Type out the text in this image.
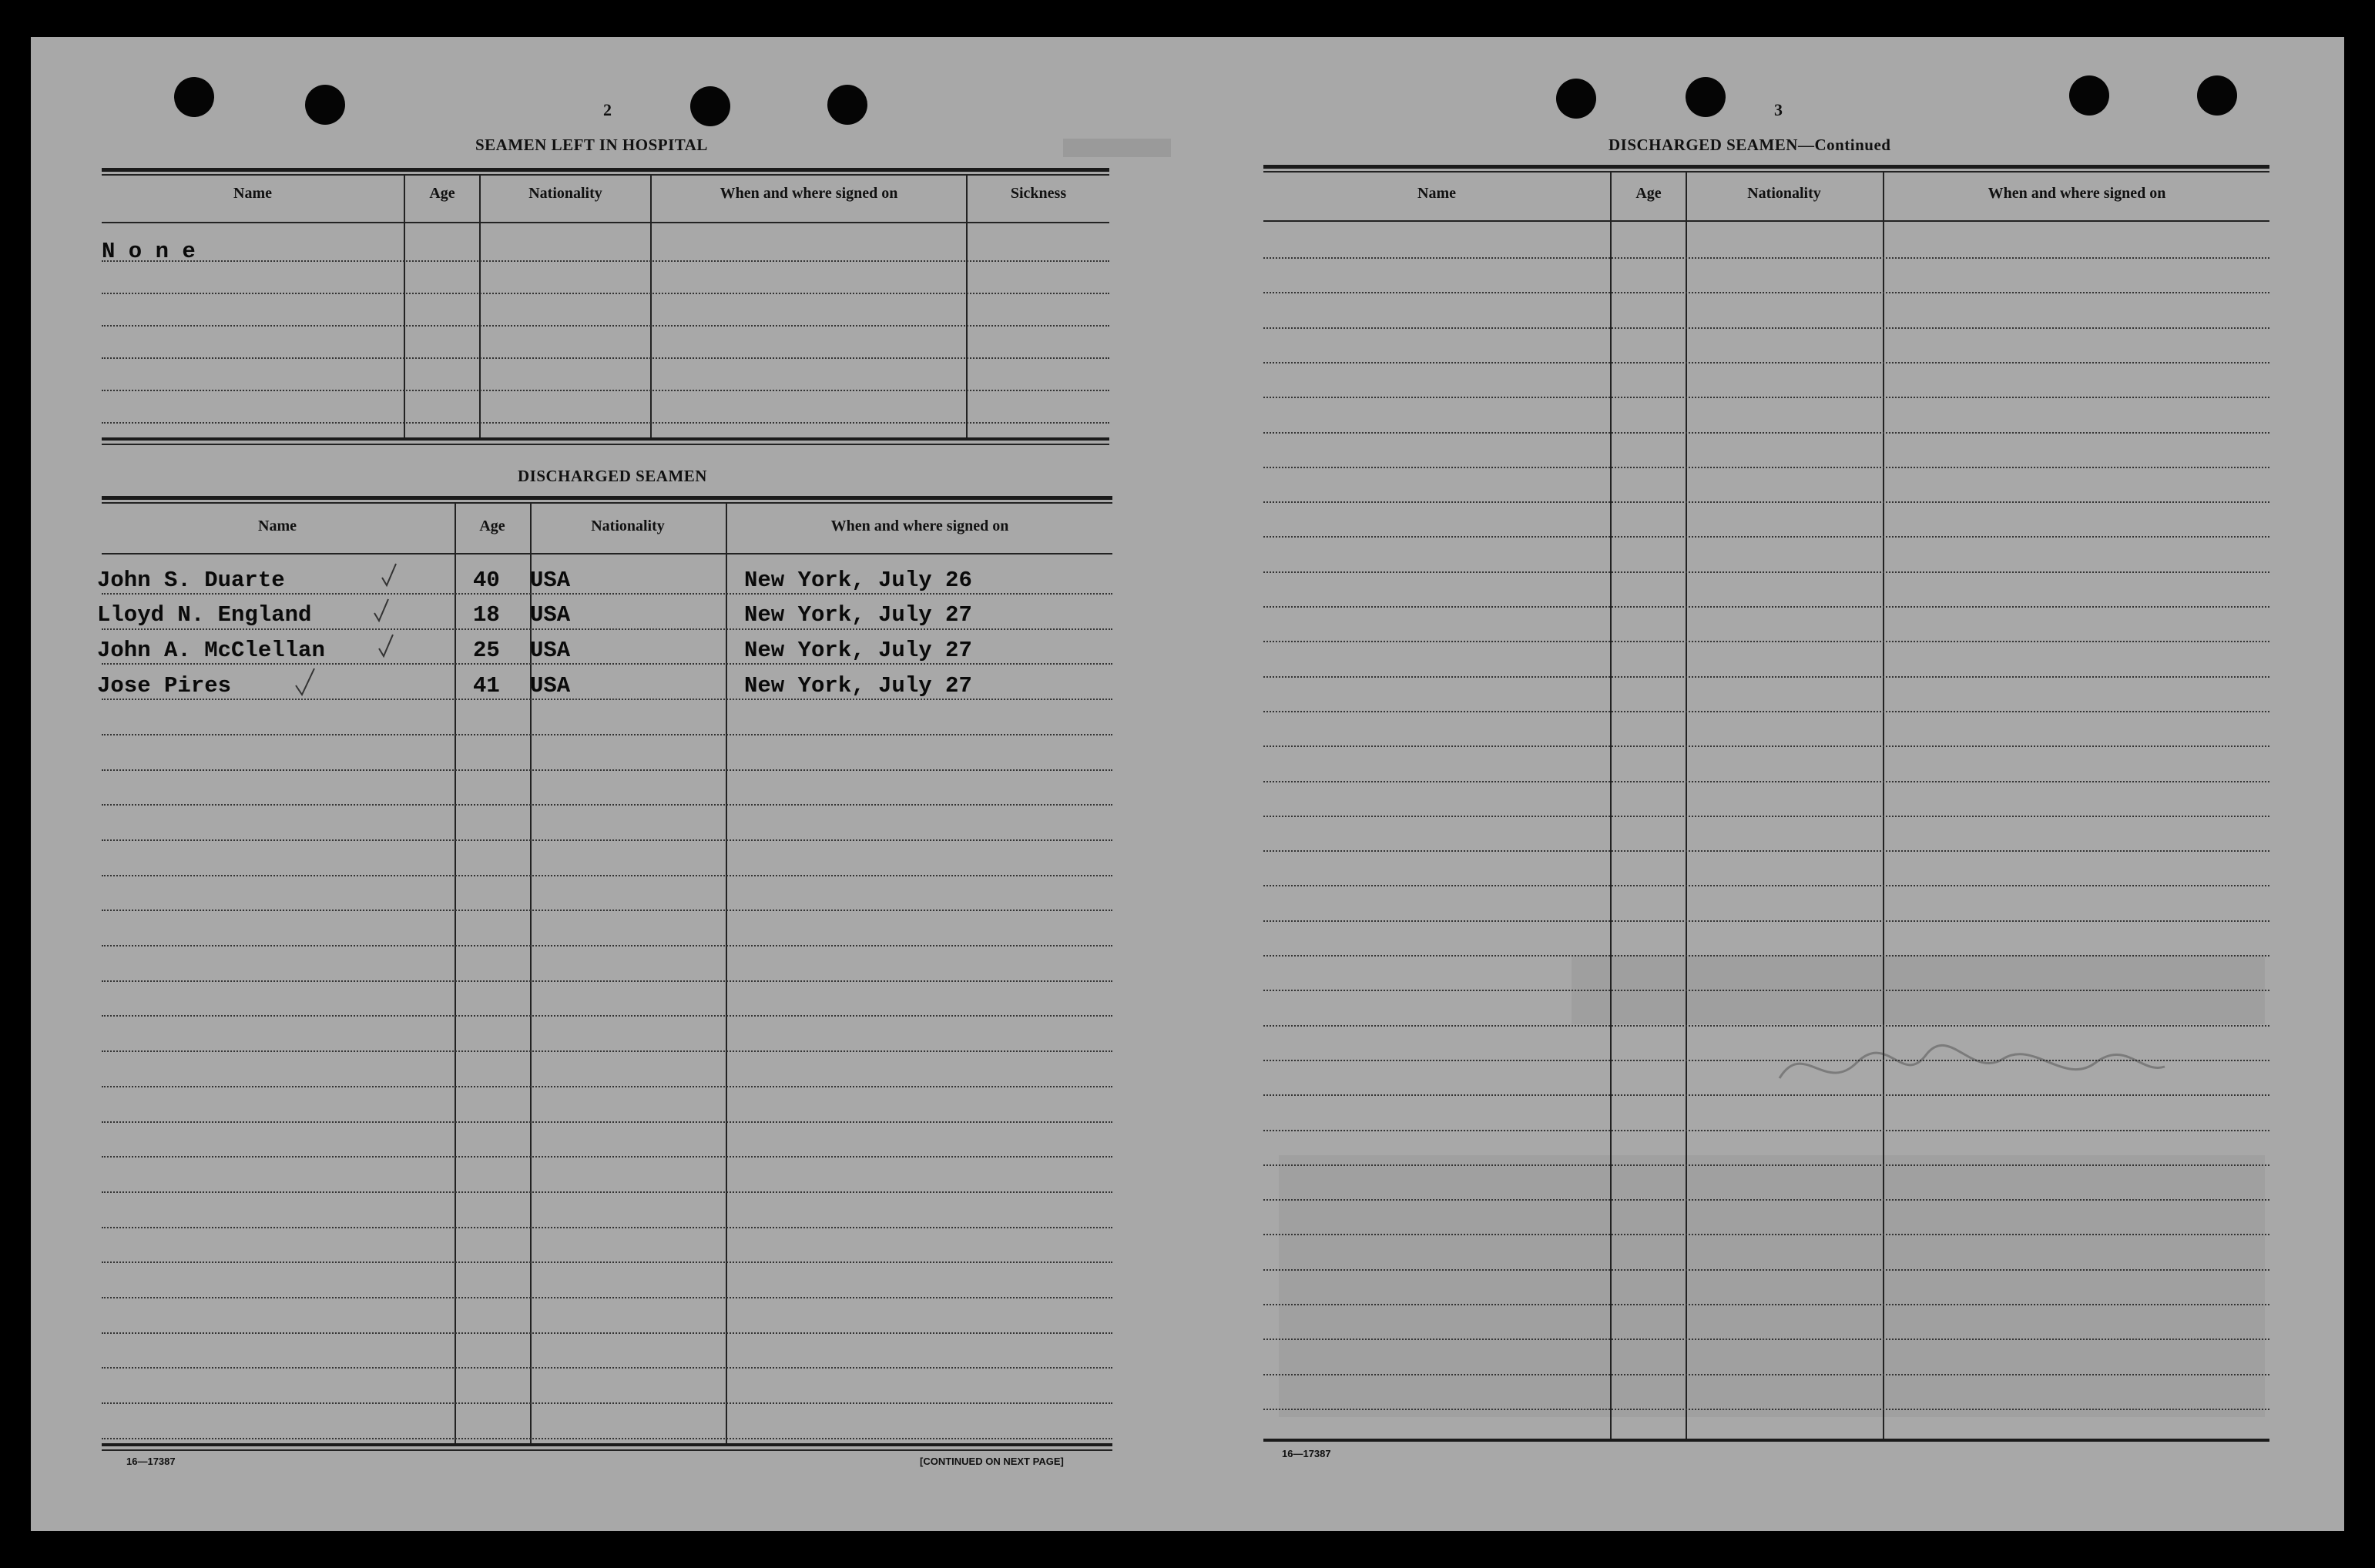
2
SEAMEN LEFT IN HOSPITAL
Name	Age	Nationality	When and where signed on	Sickness
N o n e
DISCHARGED SEAMEN
Name	Age	Nationality	When and where signed on
John S. Duarte	40 USA	New York, July 26
Lloyd N. England	18 USA	New York, July 27
John A. McClellan	25 USA	New York, July 27
Jose Pires	41 USA	New York, July 27
16—17387	[CONTINUED ON NEXT PAGE]
3
DISCHARGED SEAMEN—Continued
Name	Age	Nationality	When and where signed on
16—17387
